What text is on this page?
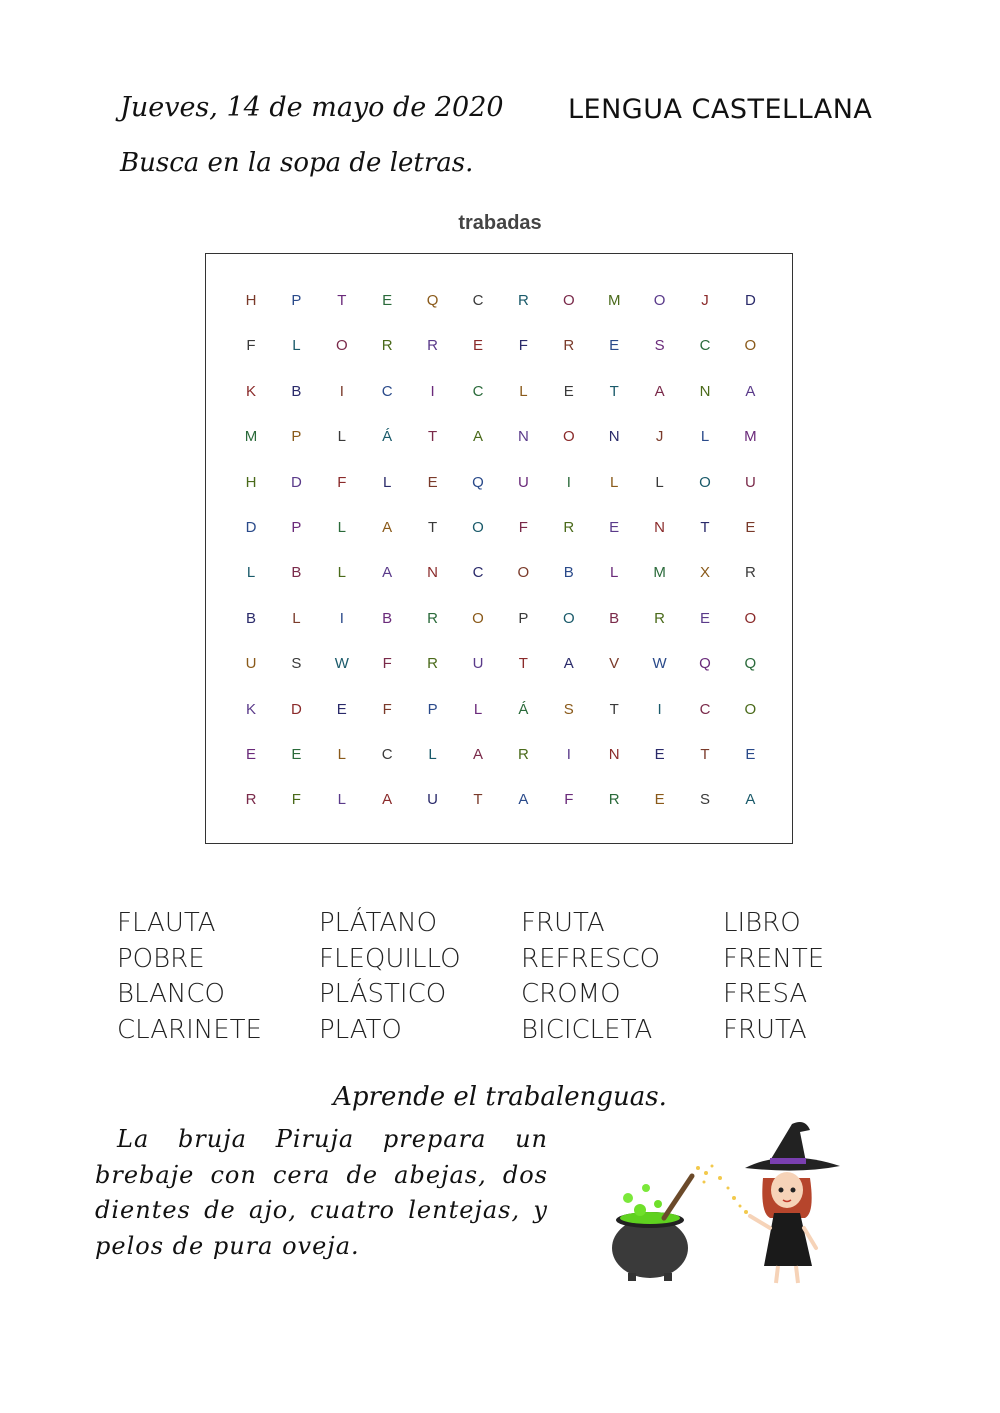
Jueves, 14 de mayo de 2020 LENGUA CASTELLANA
Busca en la sopa de letras.
trabadas
H	P	T	E	Q	C	R	O	M	O	J	D
F	L	O	R	R	E	F	R	E	S	C	O
K	B	I	C	I	C	L	E	T	A	N	A
M	P	L	Á	T	A	N	O	N	J	L	M
H	D	F	L	E	Q	U	I	L	L	O	U
D	P	L	A	T	O	F	R	E	N	T	E
L	B	L	A	N	C	O	B	L	M	X	R
B	L	I	B	R	O	P	O	B	R	E	O
U	S	W	F	R	U	T	A	V	W	Q	Q
K	D	E	F	P	L	Á	S	T	I	C	O
E	E	L	C	L	A	R	I	N	E	T	E
R	F	L	A	U	T	A	F	R	E	S	A
FLAUTA
POBRE
BLANCO
CLARINETE
PLÁTANO
FLEQUILLO
PLÁSTICO
PLATO
FRUTA
REFRESCO
CROMO
BICICLETA
LIBRO
FRENTE
FRESA
FRUTA
Aprende el trabalenguas.
La bruja Piruja prepara un brebaje con cera de abejas, dos dientes de ajo, cuatro lentejas, y pelos de pura oveja.
